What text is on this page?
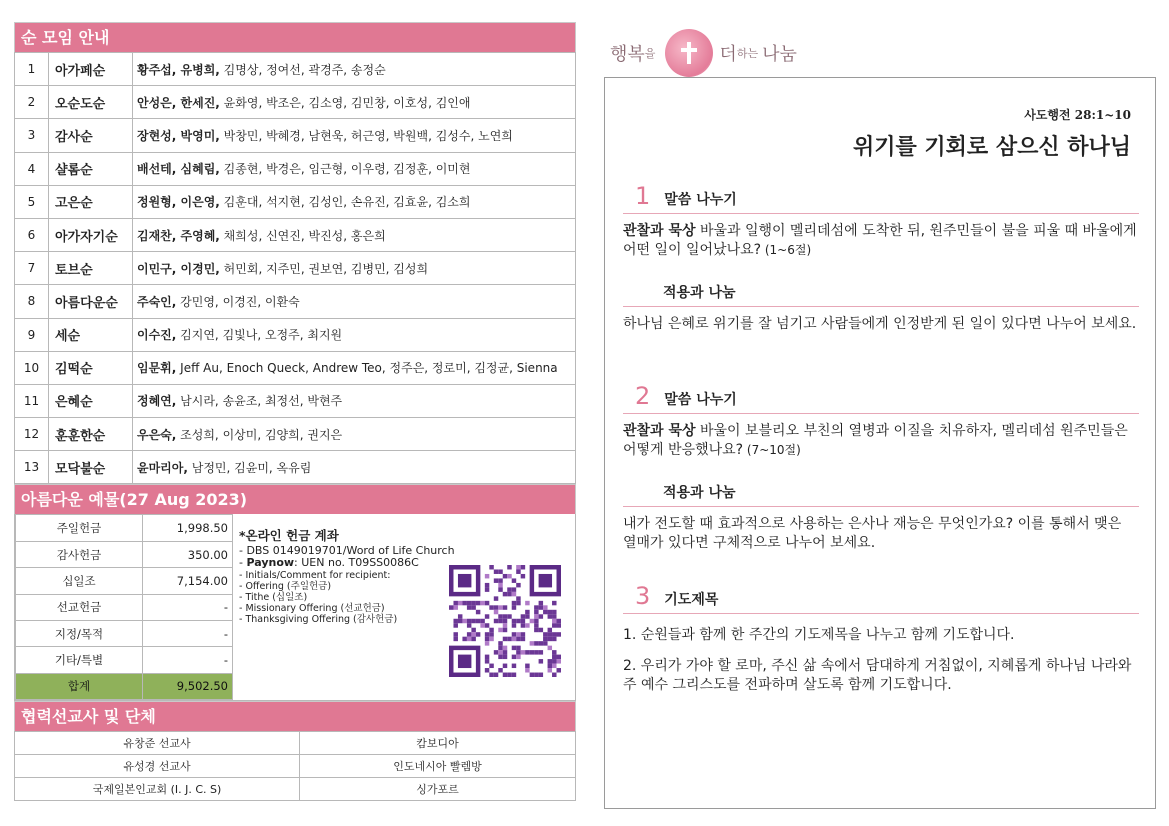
순 모임 안내
1	아가페순	황주섭, 유병희, 김명상, 정여선, 곽경주, 송정순
2	오순도순	안성은, 한세진, 윤화영, 박조은, 김소영, 김민창, 이호성, 김인애
3	감사순	장현성, 박영미, 박창민, 박혜경, 남현욱, 허근영, 박원백, 김성수, 노연희
4	샬롬순	배선테, 심혜림, 김종현, 박경은, 임근형, 이우령, 김정훈, 이미현
5	고은순	정원형, 이은영, 김훈대, 석지현, 김성인, 손유진, 김효윤, 김소희
6	아가자기순	김재찬, 주영혜, 채희성, 신연진, 박진성, 홍은희
7	토브순	이민구, 이경민, 허민회, 지주민, 권보연, 김병민, 김성희
8	아름다운순	주숙인, 강민영, 이경진, 이환숙
9	세순	이수진, 김지연, 김빛나, 오정주, 최지원
10	김떡순	임문휘, Jeff Au, Enoch Queck, Andrew Teo, 정주은, 정로미, 김정균, Sienna
11	은혜순	정혜연, 남시라, 송윤조, 최정선, 박현주
12	훈훈한순	우은숙, 조성희, 이상미, 김양희, 권지은
13	모닥불순	윤마리아, 남정민, 김윤미, 옥유림
아름다운 예물(27 Aug 2023)
주일헌금	1,998.50
감사헌금	350.00
십일조	7,154.00
선교헌금	-
지정/목적	-
기타/특별	-
합계	9,502.50
*온라인 헌금 계좌
- DBS 0149019701/Word of Life Church
- Paynow: UEN no. T09SS0086C
- Initials/Comment for recipient:
- Offering (주일헌금)
- Tithe (십일조)
- Missionary Offering (선교헌금)
- Thanksgiving Offering (감사헌금)
협력선교사 및 단체
유창준 선교사	캄보디아
유성경 선교사	인도네시아 빨렘방
국제일본인교회 (I. J. C. S)	싱가포르
행복 을	더 하는 나눔
사도행전 28:1~10
위기를 기회로 삼으신 하나님
1 말씀 나누기
관찰과 묵상 바울과 일행이 멜리데섬에 도착한 뒤, 원주민들이 불을 피울 때 바울에게 어떤 일이 일어났나요? (1~6절)
적용과 나눔
하나님 은혜로 위기를 잘 넘기고 사람들에게 인정받게 된 일이 있다면 나누어 보세요.
2 말씀 나누기
관찰과 묵상 바울이 보블리오 부친의 열병과 이질을 치유하자, 멜리데섬 원주민들은 어떻게 반응했나요? (7~10절)
적용과 나눔
내가 전도할 때 효과적으로 사용하는 은사나 재능은 무엇인가요? 이를 통해서 맺은 열매가 있다면 구체적으로 나누어 보세요.
3 기도제목
1. 순원들과 함께 한 주간의 기도제목을 나누고 함께 기도합니다.
2. 우리가 가야 할 로마, 주신 삶 속에서 담대하게 거침없이, 지혜롭게 하나님 나라와 주 예수 그리스도를 전파하며 살도록 함께 기도합니다.
